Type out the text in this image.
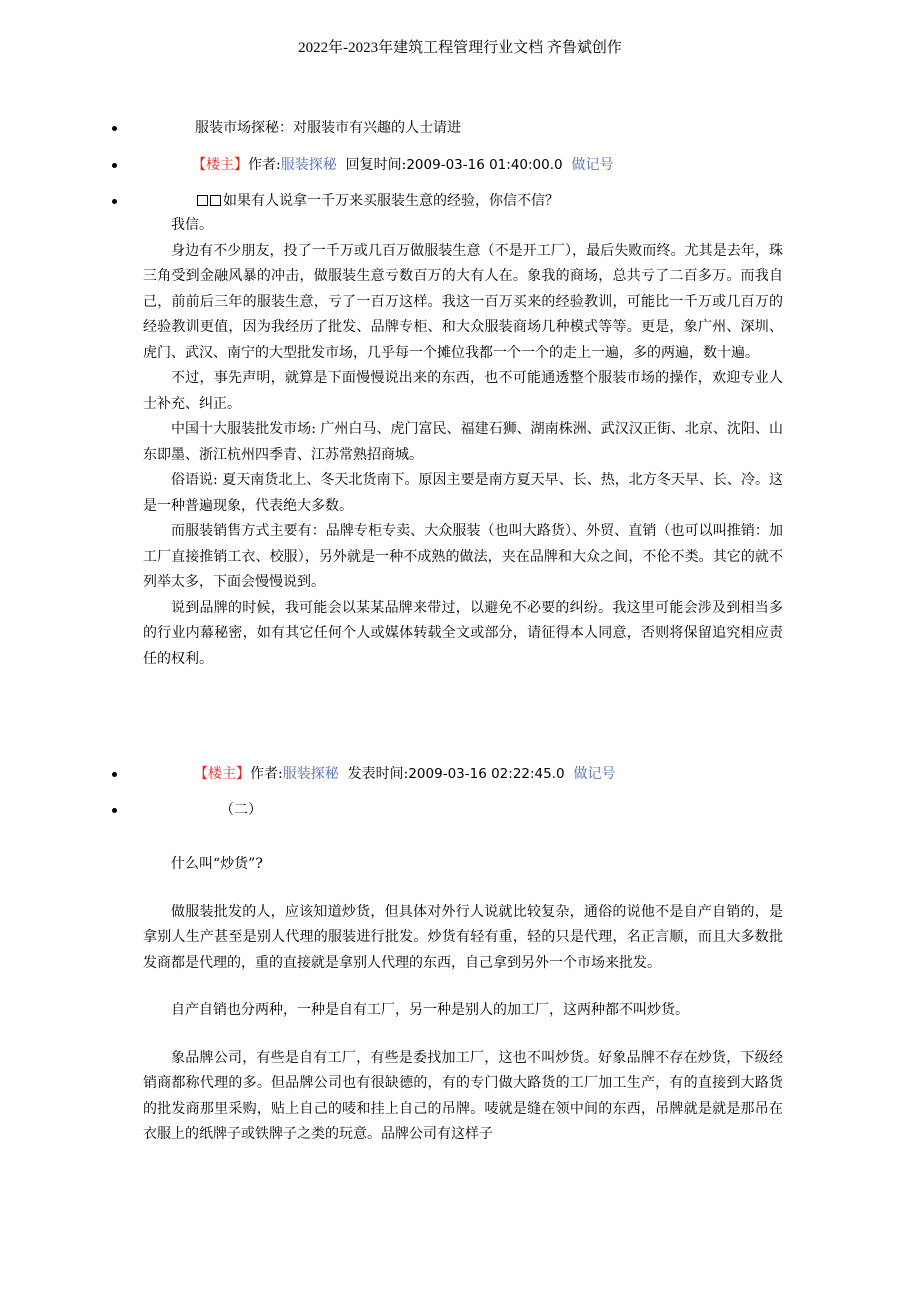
2022年-2023年建筑工程管理行业文档 齐鲁斌创作
服装市场探秘：对服装市有兴趣的人士请进
【楼主】作者:服装探秘 回复时间:2009-03-16 01:40:00.0 做记号
如果有人说拿一千万来买服装生意的经验，你信不信？

我信。

身边有不少朋友，投了一千万或几百万做服装生意（不是开工厂），最后失败而终。尤其是去年，珠三角受到金融风暴的冲击，做服装生意亏数百万的大有人在。象我的商场，总共亏了二百多万。而我自己，前前后三年的服装生意，亏了一百万这样。我这一百万买来的经验教训，可能比一千万或几百万的经验教训更值，因为我经历了批发、品牌专柜、和大众服装商场几种模式等等。更是，象广州、深圳、虎门、武汉、南宁的大型批发市场，几乎每一个摊位我都一个一个的走上一遍，多的两遍，数十遍。

不过，事先声明，就算是下面慢慢说出来的东西，也不可能通透整个服装市场的操作，欢迎专业人士补充、纠正。

中国十大服装批发市场: 广州白马、虎门富民、福建石狮、湖南株洲、武汉汉正街、北京、沈阳、山东即墨、浙江杭州四季青、江苏常熟招商城。

俗语说: 夏天南货北上、冬天北货南下。原因主要是南方夏天早、长、热，北方冬天早、长、冷。这是一种普遍现象，代表绝大多数。

而服装销售方式主要有：品牌专柜专卖、大众服装（也叫大路货）、外贸、直销（也可以叫推销：加工厂直接推销工衣、校服），另外就是一种不成熟的做法，夹在品牌和大众之间，不伦不类。其它的就不列举太多，下面会慢慢说到。

说到品牌的时候，我可能会以某某品牌来带过，以避免不必要的纠纷。我这里可能会涉及到相当多的行业内幕秘密，如有其它任何个人或媒体转载全文或部分，请征得本人同意，否则将保留追究相应责任的权利。

【楼主】作者:服装探秘 发表时间:2009-03-16 02:22:45.0 做记号
（二）

什么叫“炒货”?

做服装批发的人，应该知道炒货，但具体对外行人说就比较复杂，通俗的说他不是自产自销的，是拿别人生产甚至是别人代理的服装进行批发。炒货有轻有重，轻的只是代理，名正言顺，而且大多数批发商都是代理的，重的直接就是拿别人代理的东西，自己拿到另外一个市场来批发。

自产自销也分两种，一种是自有工厂，另一种是别人的加工厂，这两种都不叫炒货。

象品牌公司，有些是自有工厂，有些是委找加工厂，这也不叫炒货。好象品牌不存在炒货，下级经销商都称代理的多。但品牌公司也有很缺德的，有的专门做大路货的工厂加工生产，有的直接到大路货的批发商那里采购，贴上自己的唛和挂上自己的吊牌。唛就是缝在领中间的东西，吊牌就是就是那吊在衣服上的纸牌子或铁牌子之类的玩意。品牌公司有这样子
